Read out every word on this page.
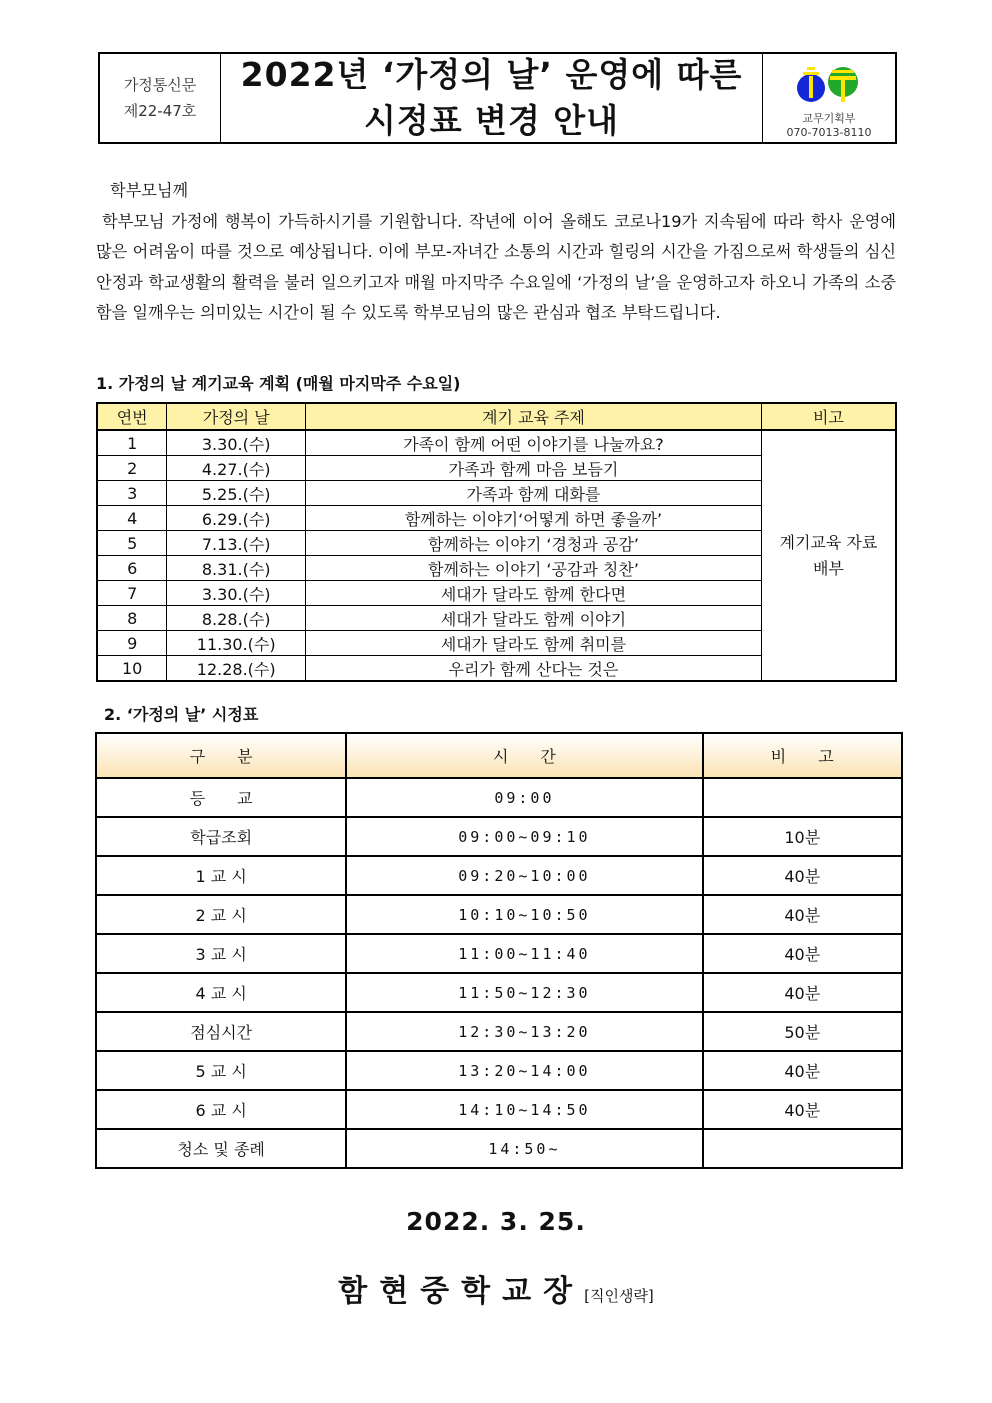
가정통신문
제22-47호
2022년 ‘가정의 날’ 운영에 따른
시정표 변경 안내	교무기획부
070-7013-8110
학부모님께
학부모님 가정에 행복이 가득하시기를 기원합니다. 작년에 이어 올해도 코로나19가 지속됨에 따라 학사 운영에 많은 어려움이 따를 것으로 예상됩니다. 이에 부모-자녀간 소통의 시간과 힐링의 시간을 가짐으로써 학생들의 심신안정과 학교생활의 활력을 불러 일으키고자 매월 마지막주 수요일에 ‘가정의 날’을 운영하고자 하오니 가족의 소중함을 일깨우는 의미있는 시간이 될 수 있도록 학부모님의 많은 관심과 협조 부탁드립니다.
1. 가정의 날 계기교육 계획 (매월 마지막주 수요일)
연번	가정의 날	계기 교육 주제	비고
1	3.30.(수)	가족이 함께 어떤 이야기를 나눌까요?	계기교육 자료
배부

2	4.27.(수)	가족과 함께 마음 보듬기	
3	5.25.(수)	가족과 함께 대화를	
4	6.29.(수)	함께하는 이야기‘어떻게 하면 좋을까’	
5	7.13.(수)	함께하는 이야기 ‘경청과 공감’	
6	8.31.(수)	함께하는 이야기 ‘공감과 칭찬’	
7	3.30.(수)	세대가 달라도 함께 한다면	
8	8.28.(수)	세대가 달라도 함께 이야기	
9	11.30.(수)	세대가 달라도 함께 취미를	
10	12.28.(수)	우리가 함께 산다는 것은	
2. ‘가정의 날’ 시정표
구　　분	시　　간	비　　고
등　　교	09:00	
학급조회	09:00~09:10	10분
1 교 시	09:20~10:00	40분
2 교 시	10:10~10:50	40분
3 교 시	11:00~11:40	40분
4 교 시	11:50~12:30	40분
점심시간	12:30~13:20	50분
5 교 시	13:20~14:00	40분
6 교 시	14:10~14:50	40분
청소 및 종례	14:50~	
2022. 3. 25.
함현중학교장[직인생략]
